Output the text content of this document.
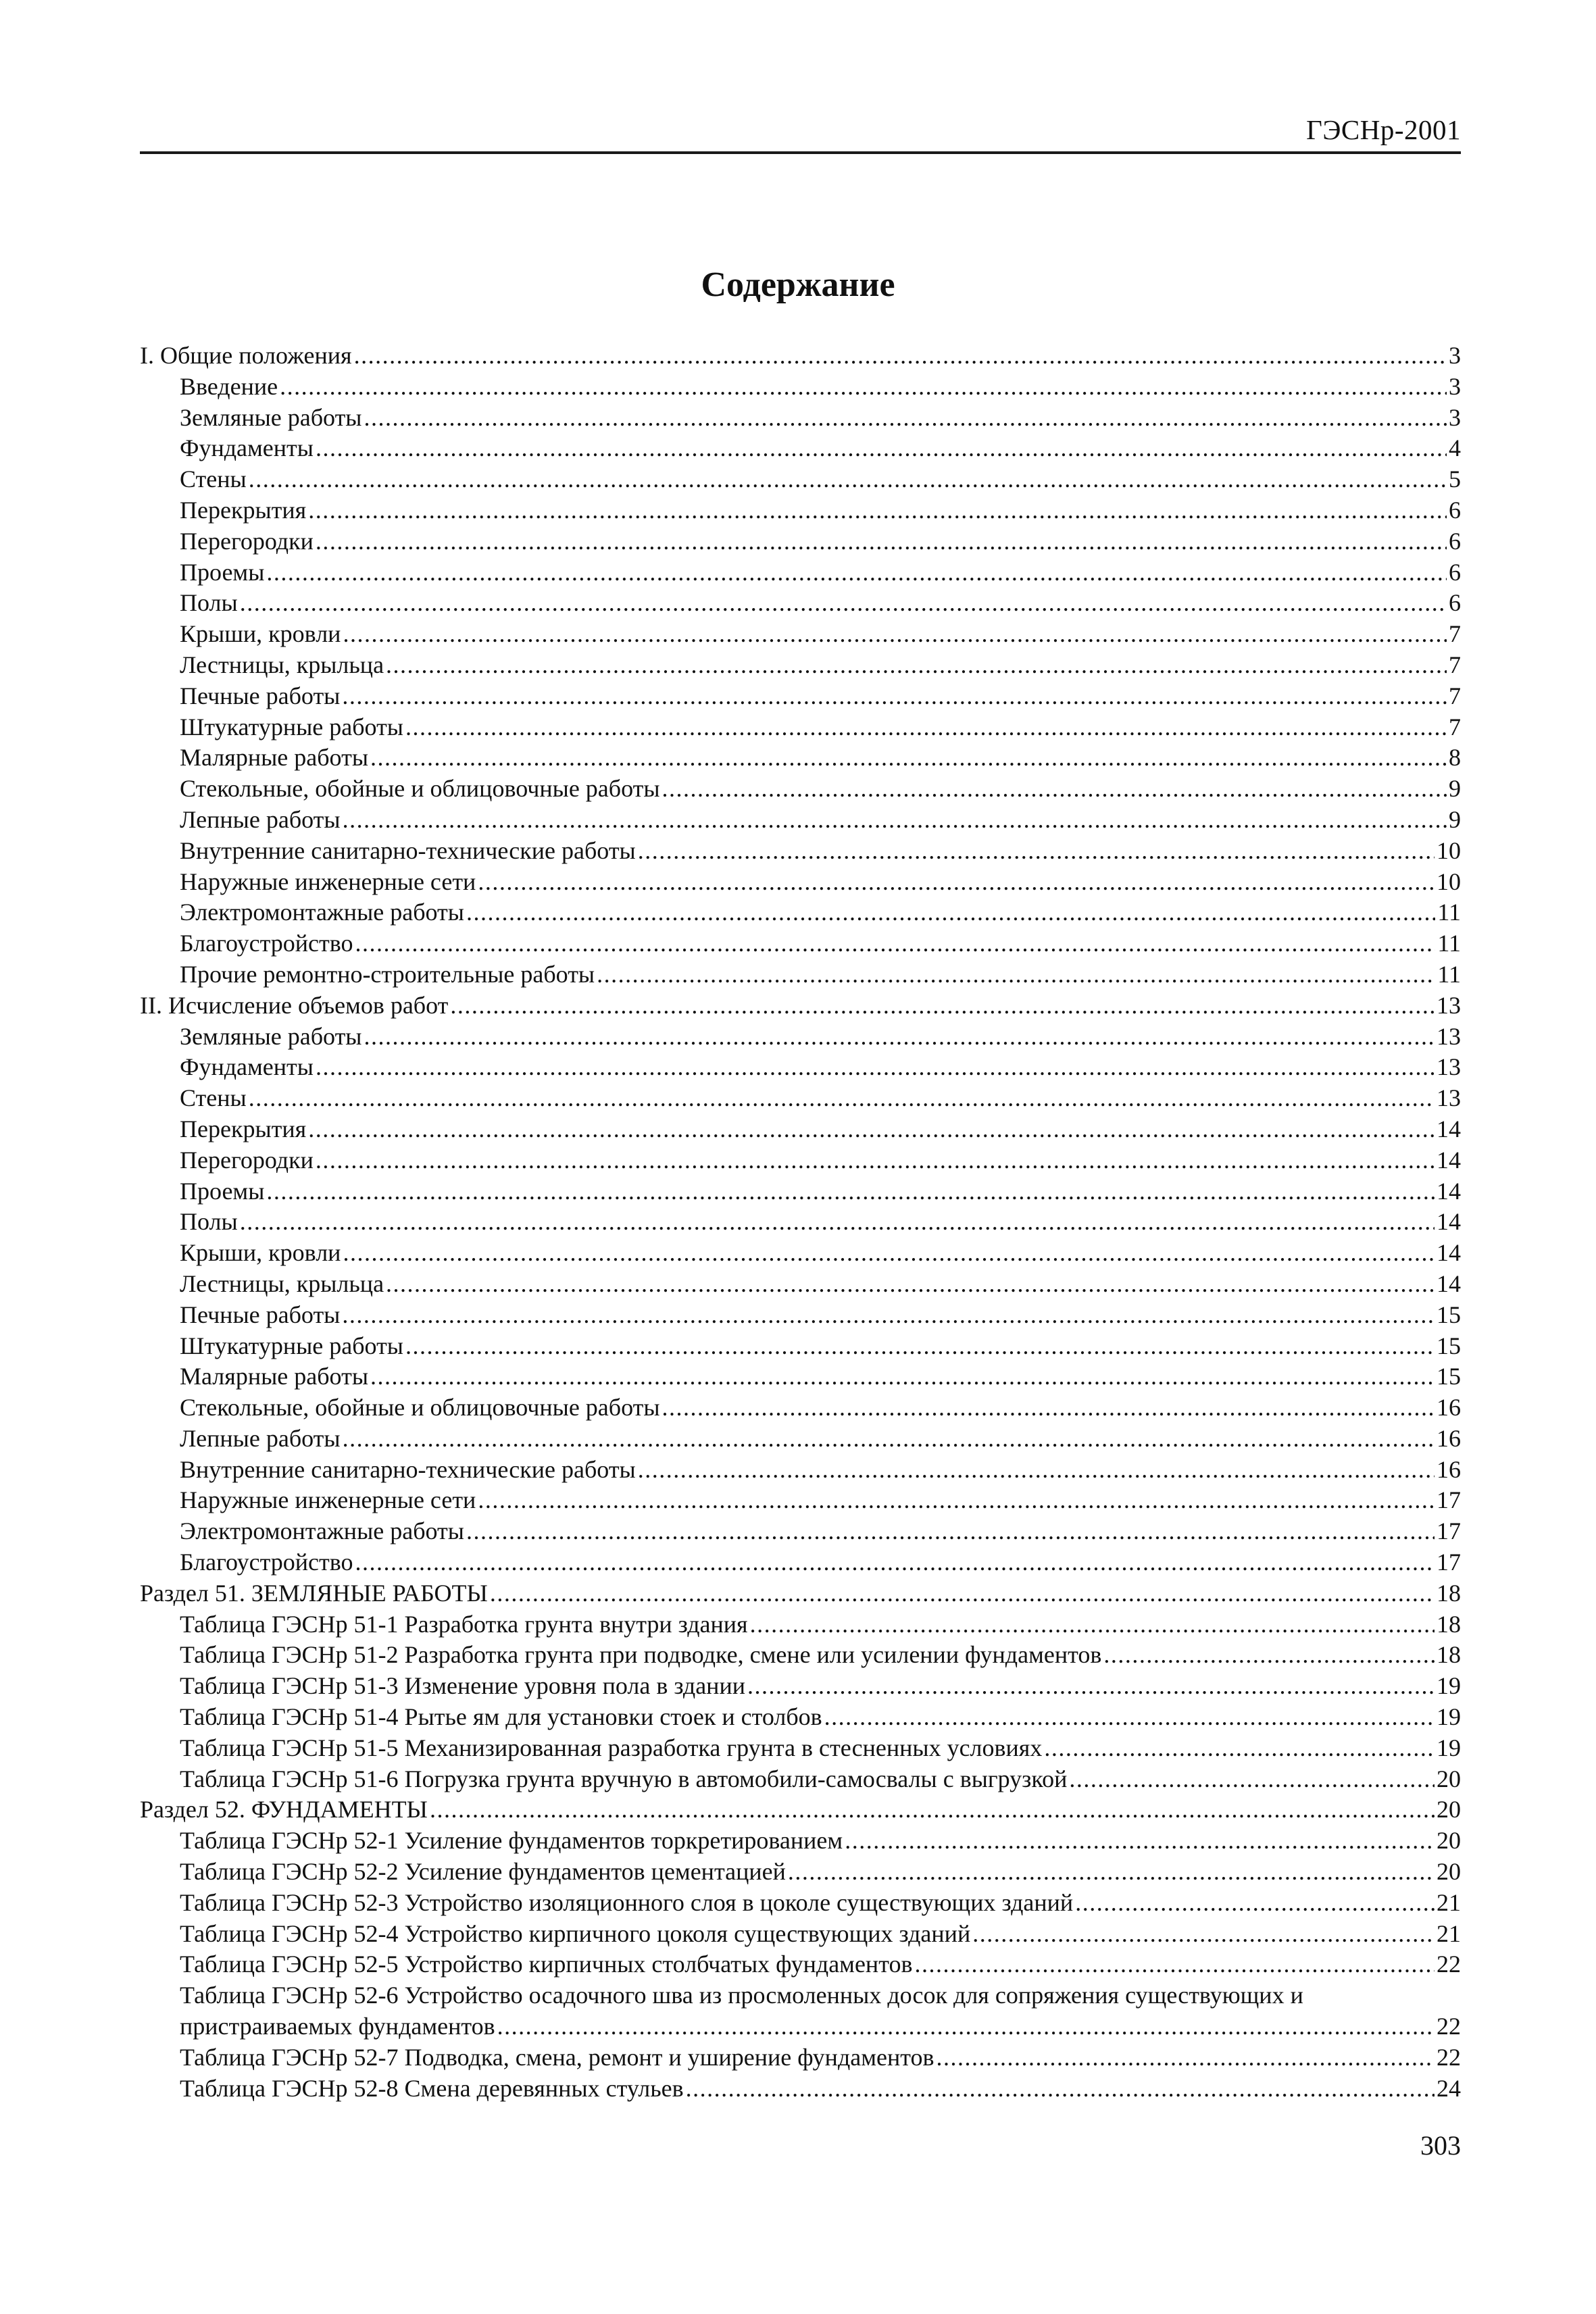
ГЭСНр-2001
Содержание
I. Общие положения .....	3
Введение .....	3
Земляные работы .....	3
Фундаменты .....	4
Стены .....	5
Перекрытия .....	6
Перегородки .....	6
Проемы .....	6
Полы .....	6
Крыши, кровли .....	7
Лестницы, крыльца .....	7
Печные работы .....	7
Штукатурные работы .....	7
Малярные работы .....	8
Стекольные, обойные и облицовочные работы .....	9
Лепные работы .....	9
Внутренние санитарно-технические работы .....	10
Наружные инженерные сети .....	10
Электромонтажные работы .....	11
Благоустройство .....	11
Прочие ремонтно-строительные работы .....	11
II. Исчисление объемов работ .....	13
Земляные работы .....	13
Фундаменты .....	13
Стены .....	13
Перекрытия .....	14
Перегородки .....	14
Проемы .....	14
Полы .....	14
Крыши, кровли .....	14
Лестницы, крыльца .....	14
Печные работы .....	15
Штукатурные работы .....	15
Малярные работы .....	15
Стекольные, обойные и облицовочные работы .....	16
Лепные работы .....	16
Внутренние санитарно-технические работы .....	16
Наружные инженерные сети .....	17
Электромонтажные работы .....	17
Благоустройство .....	17
Раздел 51. ЗЕМЛЯНЫЕ РАБОТЫ .....	18
Таблица ГЭСНр 51-1 Разработка грунта внутри здания .....	18
Таблица ГЭСНр 51-2 Разработка грунта при подводке, смене или усилении фундаментов .....	18
Таблица ГЭСНр 51-3 Изменение уровня пола в здании .....	19
Таблица ГЭСНр 51-4 Рытье ям для установки стоек и столбов .....	19
Таблица ГЭСНр 51-5 Механизированная разработка грунта в стесненных условиях .....	19
Таблица ГЭСНр 51-6 Погрузка грунта вручную в автомобили-самосвалы с выгрузкой .....	20
Раздел 52. ФУНДАМЕНТЫ .....	20
Таблица ГЭСНр 52-1 Усиление фундаментов торкретированием .....	20
Таблица ГЭСНр 52-2 Усиление фундаментов цементацией .....	20
Таблица ГЭСНр 52-3 Устройство изоляционного слоя в цоколе существующих зданий .....	21
Таблица ГЭСНр 52-4 Устройство кирпичного цоколя существующих зданий .....	21
Таблица ГЭСНр 52-5 Устройство кирпичных столбчатых фундаментов .....	22
Таблица ГЭСНр 52-6 Устройство осадочного шва из просмоленных досок для сопряжения существующих и
пристраиваемых фундаментов .....	22
Таблица ГЭСНр 52-7 Подводка, смена, ремонт и уширение фундаментов .....	22
Таблица ГЭСНр 52-8 Смена деревянных стульев .....	24
303
